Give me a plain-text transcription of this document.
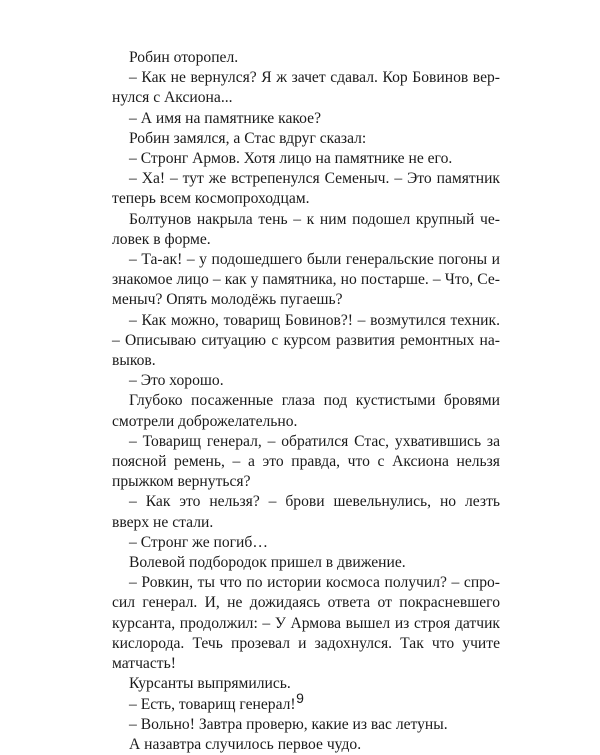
Робин оторопел.

– Как не вернулся? Я ж зачет сдавал. Кор Бовинов вернулся с Аксиона...

– А имя на памятнике какое?

Робин замялся, а Стас вдруг сказал:

– Стронг Армов. Хотя лицо на памятнике не его.

– Ха! – тут же встрепенулся Семеныч. – Это памятник теперь всем космопроходцам.

Болтунов накрыла тень – к ним подошел крупный человек в форме.

– Та-ак! – у подошедшего были генеральские погоны и знакомое лицо – как у памятника, но постарше. – Что, Семеныч? Опять молодёжь пугаешь?

– Как можно, товарищ Бовинов?! – возмутился техник. – Описываю ситуацию с курсом развития ремонтных навыков.

– Это хорошо.

Глубоко посаженные глаза под кустистыми бровями смотрели доброжелательно.

– Товарищ генерал, – обратился Стас, ухватившись за поясной ремень, – а это правда, что с Аксиона нельзя прыжком вернуться?

– Как это нельзя? – брови шевельнулись, но лезть вверх не стали.

– Стронг же погиб…

Волевой подбородок пришел в движение.

– Ровкин, ты что по истории космоса получил? – спросил генерал. И, не дожидаясь ответа от покрасневшего курсанта, продолжил: – У Армова вышел из строя датчик кислорода. Течь прозевал и задохнулся. Так что учите матчасть!

Курсанты выпрямились.

– Есть, товарищ генерал!

– Вольно! Завтра проверю, какие из вас летуны.

А назавтра случилось первое чудо.

9
